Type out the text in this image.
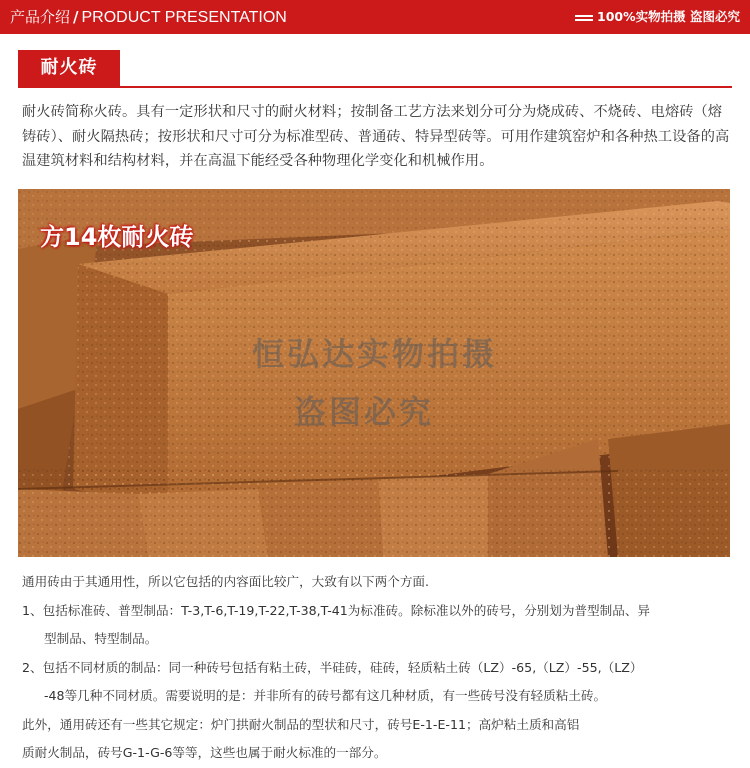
产品介绍 / PRODUCT PRESENTATION	100%实物拍摄 盗图必究
耐火砖
耐火砖简称火砖。具有一定形状和尺寸的耐火材料；按制备工艺方法来划分可分为烧成砖、不烧砖、电熔砖（熔铸砖）、耐火隔热砖；按形状和尺寸可分为标准型砖、普通砖、特异型砖等。可用作建筑窑炉和各种热工设备的高温建筑材料和结构材料，并在高温下能经受各种物理化学变化和机械作用。
方14枚耐火砖
恒弘达实物拍摄
盗图必究

通用砖由于其通用性，所以它包括的内容面比较广，大致有以下两个方面.

1、包括标准砖、普型制品：T-3,T-6,T-19,T-22,T-38,T-41为标准砖。除标准以外的砖号，分别划为普型制品、异

型制品、特型制品。

2、包括不同材质的制品：同一种砖号包括有粘土砖，半硅砖，硅砖，轻质粘土砖（LZ）-65,（LZ）-55,（LZ）

-48等几种不同材质。需要说明的是：并非所有的砖号都有这几种材质，有一些砖号没有轻质粘土砖。

此外，通用砖还有一些其它规定：炉门拱耐火制品的型状和尺寸，砖号E-1-E-11；高炉粘土质和高铝

质耐火制品，砖号G-1-G-6等等，这些也属于耐火标准的一部分。
